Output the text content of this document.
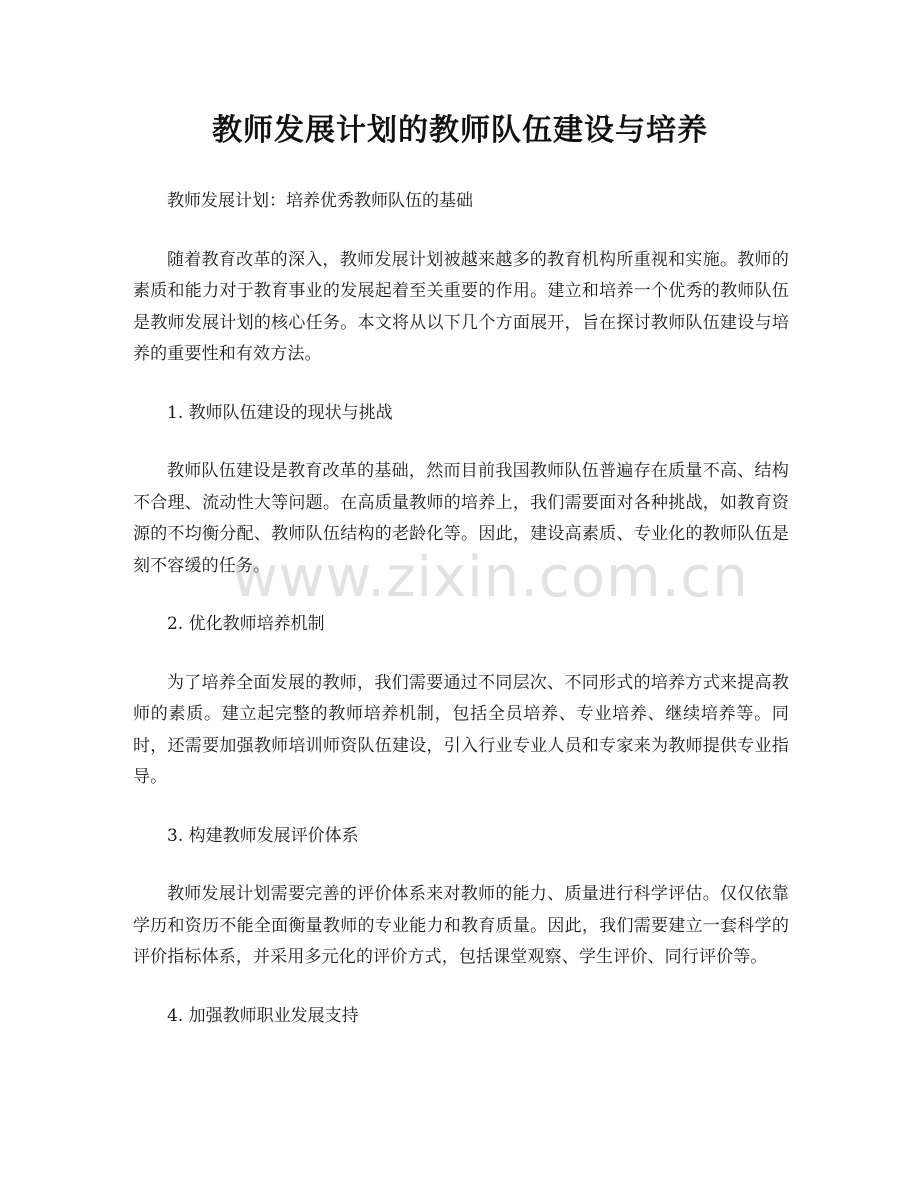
教师发展计划的教师队伍建设与培养

教师发展计划：培养优秀教师队伍的基础

随着教育改革的深入，教师发展计划被越来越多的教育机构所重视和实施。教师的素质和能力对于教育事业的发展起着至关重要的作用。建立和培养一个优秀的教师队伍是教师发展计划的核心任务。本文将从以下几个方面展开，旨在探讨教师队伍建设与培养的重要性和有效方法。

1. 教师队伍建设的现状与挑战

教师队伍建设是教育改革的基础，然而目前我国教师队伍普遍存在质量不高、结构不合理、流动性大等问题。在高质量教师的培养上，我们需要面对各种挑战，如教育资源的不均衡分配、教师队伍结构的老龄化等。因此，建设高素质、专业化的教师队伍是刻不容缓的任务。

2. 优化教师培养机制

为了培养全面发展的教师，我们需要通过不同层次、不同形式的培养方式来提高教师的素质。建立起完整的教师培养机制，包括全员培养、专业培养、继续培养等。同时，还需要加强教师培训师资队伍建设，引入行业专业人员和专家来为教师提供专业指导。

3. 构建教师发展评价体系

教师发展计划需要完善的评价体系来对教师的能力、质量进行科学评估。仅仅依靠学历和资历不能全面衡量教师的专业能力和教育质量。因此，我们需要建立一套科学的评价指标体系，并采用多元化的评价方式，包括课堂观察、学生评价、同行评价等。

4. 加强教师职业发展支持

www.zixin.com.cn
